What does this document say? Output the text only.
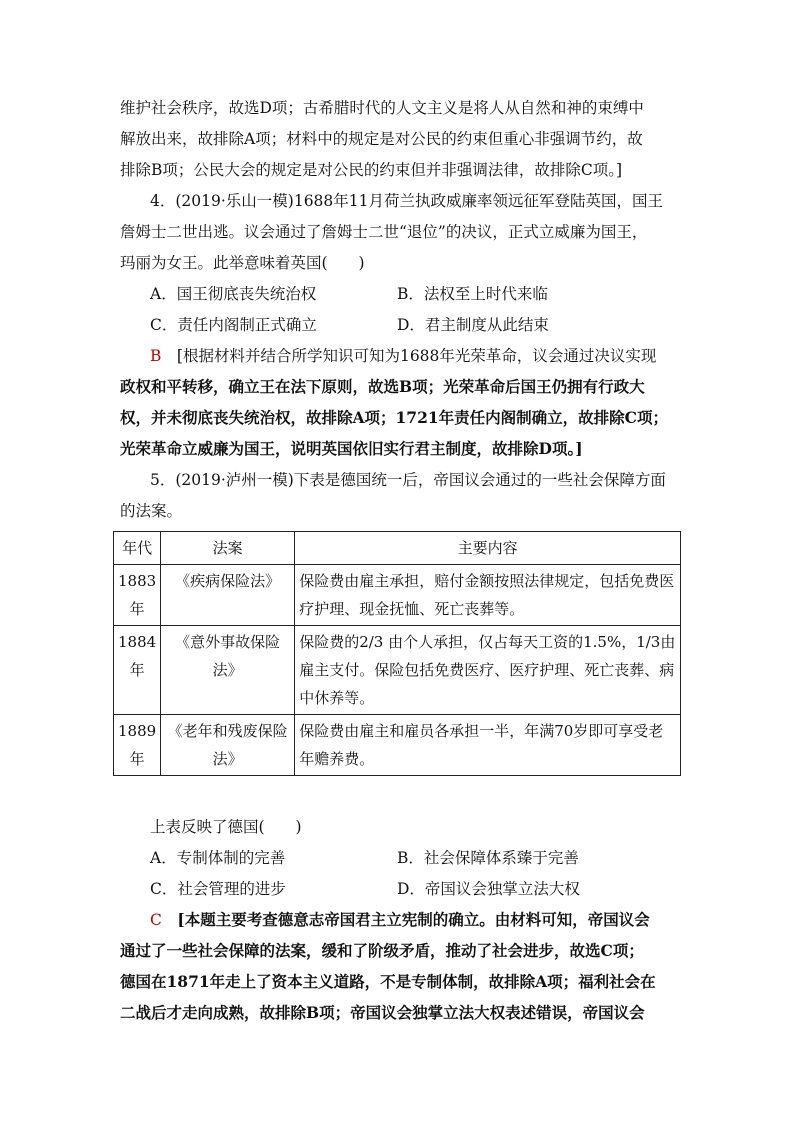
维护社会秩序，故选D项；古希腊时代的人文主义是将人从自然和神的束缚中
解放出来，故排除A项；材料中的规定是对公民的约束但重心非强调节约，故
排除B项；公民大会的规定是对公民的约束但并非强调法律，故排除C项。]
4．(2019·乐山一模)1688年11月荷兰执政威廉率领远征军登陆英国，国王
詹姆士二世出逃。议会通过了詹姆士二世“退位”的决议，正式立威廉为国王，
玛丽为女王。此举意味着英国(　　)
A．国王彻底丧失统治权	B．法权至上时代来临
C．责任内阁制正式确立	D．君主制度从此结束
B　 [根据材料并结合所学知识可知为1688年光荣革命，议会通过决议实现
政权和平转移，确立王在法下原则，故选B项；光荣革命后国王仍拥有行政大
权，并未彻底丧失统治权，故排除A项；1721年责任内阁制确立，故排除C项；
光荣革命立威廉为国王，说明英国依旧实行君主制度，故排除D项。]
5．(2019·泸州一模)下表是德国统一后，帝国议会通过的一些社会保障方面
的法案。
年代	法案	主要内容
1883年	《疾病保险法》	保险费由雇主承担，赔付金额按照法律规定，包括免费医疗护理、现金抚恤、死亡丧葬等。
1884年	《意外事故保险法》	保险费的2/3 由个人承担，仅占每天工资的1.5%，1/3由雇主支付。保险包括免费医疗、医疗护理、死亡丧葬、病中休养等。
1889年	《老年和残废保险法》	保险费由雇主和雇员各承担一半，年满70岁即可享受老年赡养费。
上表反映了德国(　　)
A．专制体制的完善	B．社会保障体系臻于完善
C．社会管理的进步	D．帝国议会独掌立法大权
C　 [本题主要考查德意志帝国君主立宪制的确立。由材料可知，帝国议会
通过了一些社会保障的法案，缓和了阶级矛盾，推动了社会进步，故选C项；
德国在1871年走上了资本主义道路，不是专制体制，故排除A项；福利社会在
二战后才走向成熟，故排除B项；帝国议会独掌立法大权表述错误，帝国议会
